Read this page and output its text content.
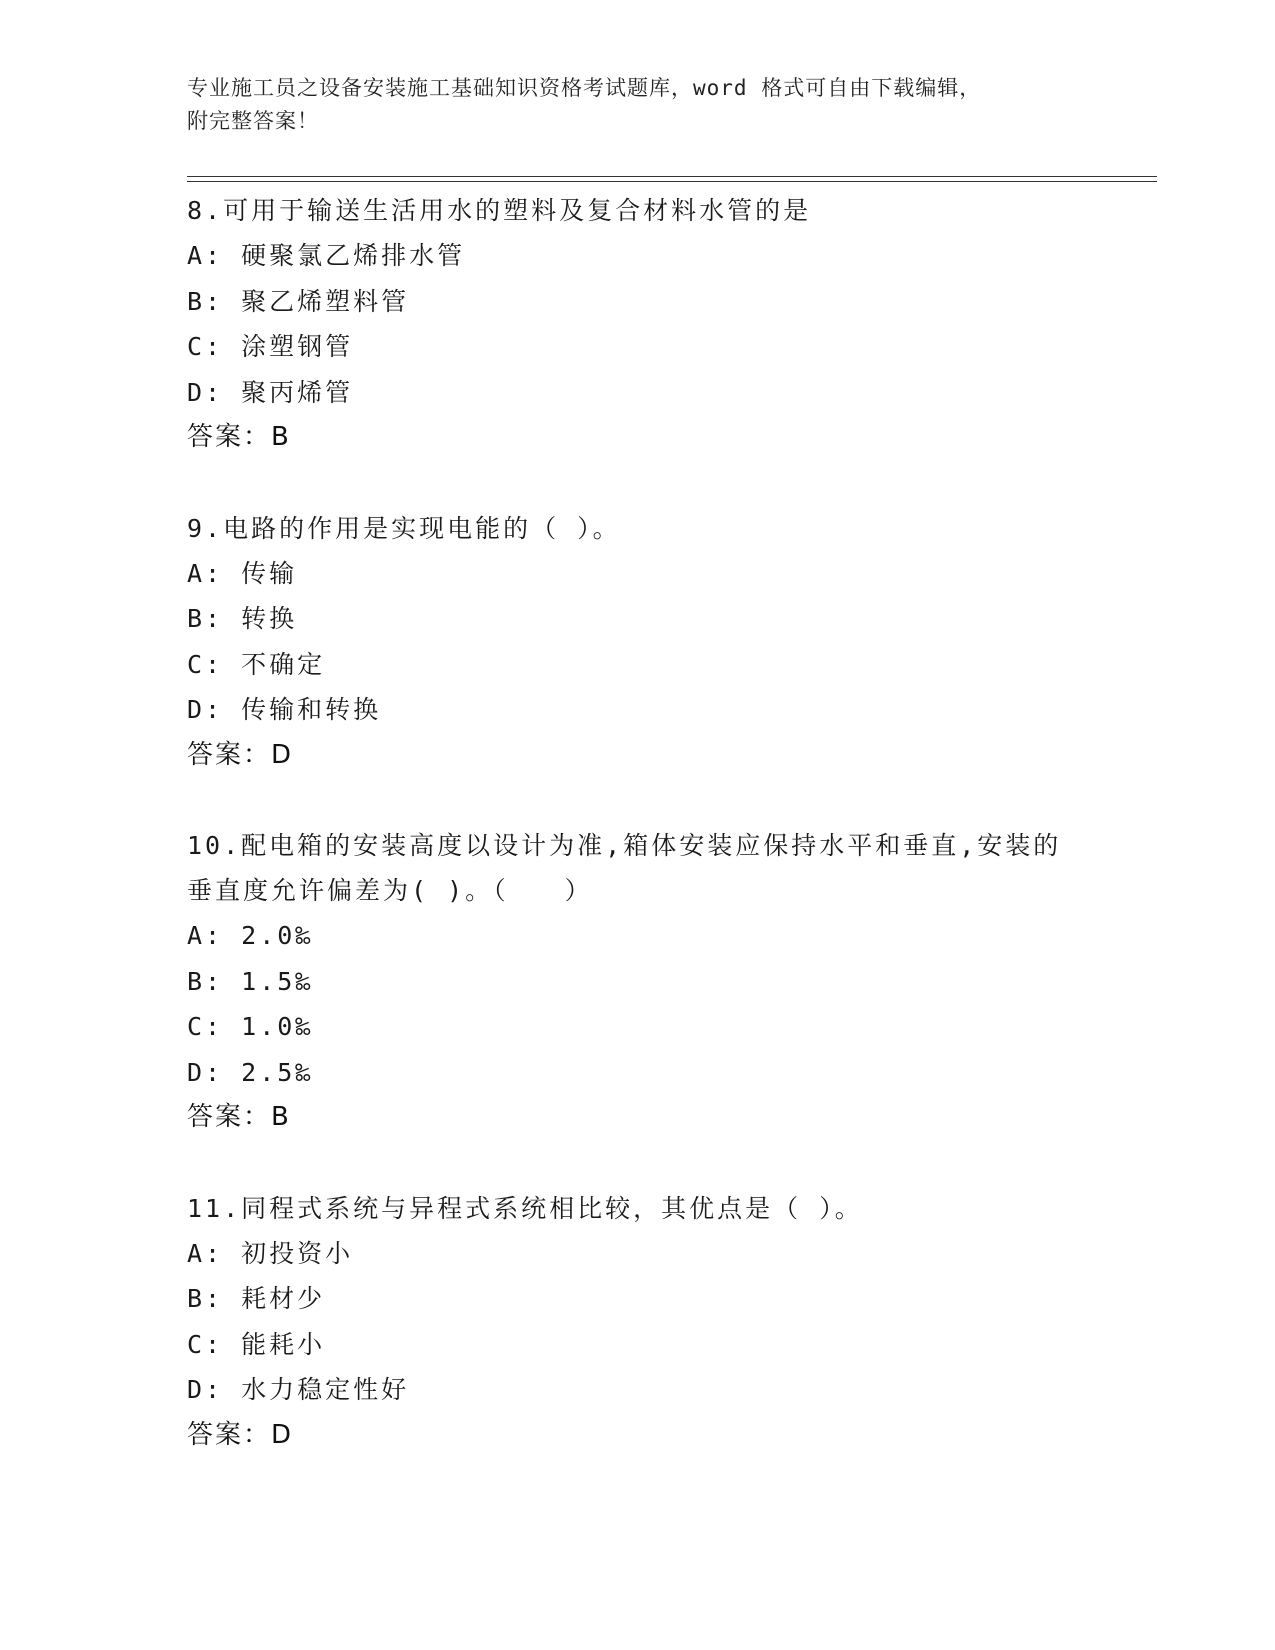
专业施工员之设备安装施工基础知识资格考试题库，word 格式可自由下载编辑，
附完整答案！
8.可用于输送生活用水的塑料及复合材料水管的是
A: 硬聚氯乙烯排水管
B: 聚乙烯塑料管
C: 涂塑钢管
D: 聚丙烯管
答案：B
9.电路的作用是实现电能的（ ）。
A: 传输
B: 转换
C: 不确定
D: 传输和转换
答案：D
10.配电箱的安装高度以设计为准,箱体安装应保持水平和垂直,安装的
垂直度允许偏差为( )。（　　）
A: 2.0‰
B: 1.5‰
C: 1.0‰
D: 2.5‰
答案：B
11.同程式系统与异程式系统相比较，其优点是（ ）。
A: 初投资小
B: 耗材少
C: 能耗小
D: 水力稳定性好
答案：D
